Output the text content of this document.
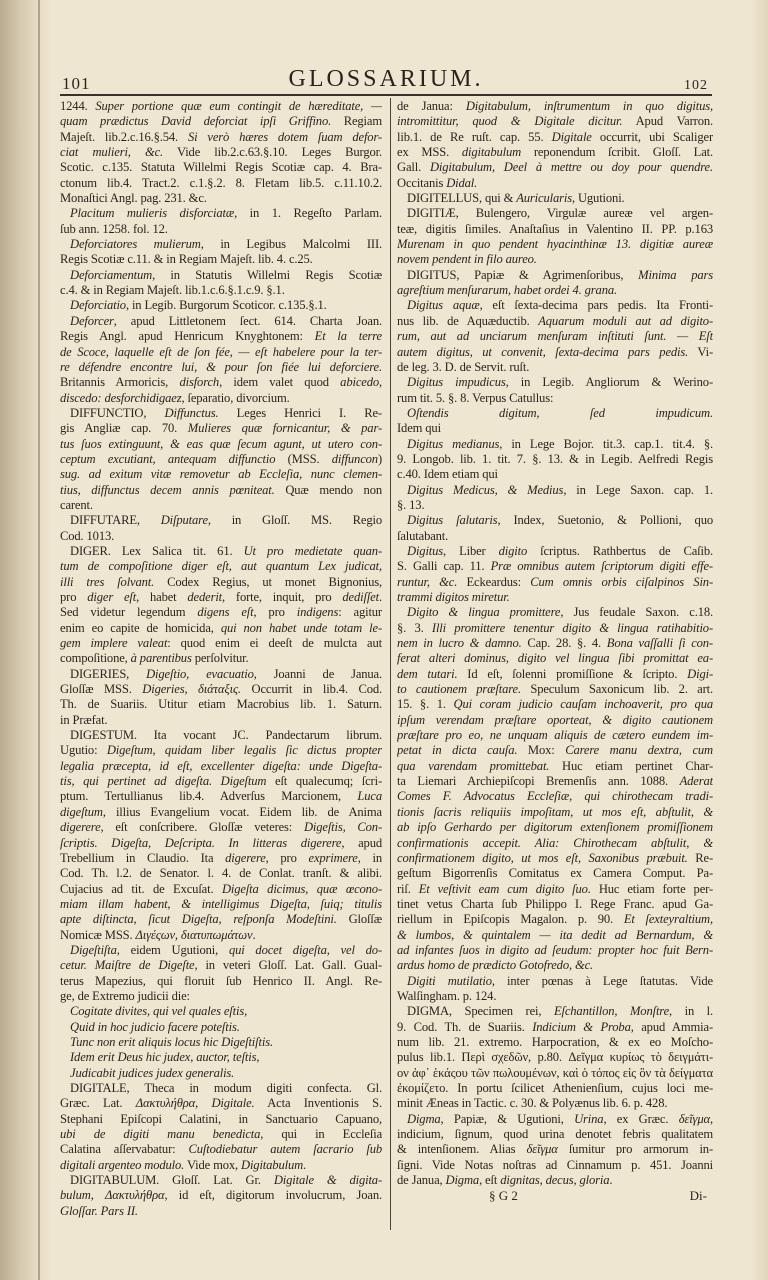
101	GLOSSARIUM.	102
1244. Super portione quæ eum contingit de hæreditate, —
quam prædictus David deforciat ipſi Griffino. Regiam
Majeſt. lib.2.c.16.§.54. Si verò hæres dotem ſuam defor-
ciat mulieri, &c. Vide lib.2.c.63.§.10. Leges Burgor.
Scotic. c.135. Statuta Willelmi Regis Scotiæ cap. 4. Bra-
ctonum lib.4. Tract.2. c.1.§.2. 8. Fletam lib.5. c.11.10.2.
Monaſtici Angl. pag. 231. &c.
Placitum mulieris disforciatæ, in 1. Regeſto Parlam.
ſub ann. 1258. fol. 12.
Deforciatores mulierum, in Legibus Malcolmi III.
Regis Scotiæ c.11. & in Regiam Majeſt. lib. 4. c.25.
Deforciamentum, in Statutis Willelmi Regis Scotiæ
c.4. & in Regiam Majeſt. lib.1.c.6.§.1.c.9. §.1.
Deforciatio, in Legib. Burgorum Scoticor. c.135.§.1.
Deforcer, apud Littletonem ſect. 614. Charta Joan.
Regis Angl. apud Henricum Knyghtonem: Et la terre
de Scoce, laquelle eſt de ſon fée, — eſt habelere pour la ter-
re défendre encontre lui, & pour ſon fiée lui deforciere.
Britannis Armoricis, disforch, idem valet quod abicedo,
discedo: desforchidigaez, ſeparatio, divorcium.
DIFFUNCTIO, Diffunctus. Leges Henrici I. Re-
gis Angliæ cap. 70. Mulieres quæ fornicantur, & par-
tus ſuos extinguunt, & eas quæ ſecum agunt, ut utero con-
ceptum excutiant, antequam diffunctio (MSS. diffuncon)
sug. ad exitum vitæ removetur ab Eccleſia, nunc clemen-
tius, diffunctus decem annis pœniteat. Quæ mendo non
carent.
DIFFUTARE, Diſputare, in Gloſſ. MS. Regio
Cod. 1013.
DIGER. Lex Salica tit. 61. Ut pro medietate quan-
tum de compoſitione diger eſt, aut quantum Lex judicat,
illi tres ſolvant. Codex Regius, ut monet Bignonius,
pro diger eſt, habet dederit, forte, inquit, pro dediſſet.
Sed videtur legendum digens eſt, pro indigens: agitur
enim eo capite de homicida, qui non habet unde totam le-
gem implere valeat: quod enim ei deeſt de mulcta aut
compoſitione, à parentibus perſolvitur.
DIGERIES, Digeſtio, evacuatio, Joanni de Janua.
Gloſſæ MSS. Digeries, διάταξις. Occurrit in lib.4. Cod.
Th. de Suariis. Utitur etiam Macrobius lib. 1. Saturn.
in Præfat.
DIGESTUM. Ita vocant JC. Pandectarum librum.
Ugutio: Digeſtum, quidam liber legalis ſic dictus propter
legalia præcepta, id eſt, excellenter digeſta: unde Digeſta-
tis, qui pertinet ad digeſta. Digeſtum eſt qualecumq; ſcri-
ptum. Tertullianus lib.4. Adverſus Marcionem, Luca
digeſtum, illius Evangelium vocat. Eidem lib. de Anima
digerere, eſt conſcribere. Gloſſæ veteres: Digeſtis, Con-
ſcriptis. Digeſta, Deſcripta. In litteras digerere, apud
Trebellium in Claudio. Ita digerere, pro exprimere, in
Cod. Th. l.2. de Senator. l. 4. de Conlat. tranſt. & alibi.
Cujacius ad tit. de Excuſat. Digeſta dicimus, quæ œcono-
miam illam habent, & intelligimus Digeſta, ſuiq; titulis
apte diſtincta, ſicut Digeſta, reſponſa Modeſtini. Gloſſæ
Nomicæ MSS. Διγέςων, διατυπωμάτων.
Digeſtiſta, eidem Ugutioni, qui docet digeſta, vel do-
cetur. Maiſtre de Digeſte, in veteri Gloſſ. Lat. Gall. Gual-
terus Mapezius, qui floruit ſub Henrico II. Angl. Re-
ge, de Extremo judicii die:
Cogitate divites, qui vel quales eſtis,
Quid in hoc judicio facere poteſtis.
Tunc non erit aliquis locus hic Digeſtiſtis.
Idem erit Deus hic judex, auctor, teſtis,
Judicabit judices judex generalis.
DIGITALE, Theca in modum digiti confecta. Gl.
Græc. Lat. Δακτυλήθρα, Digitale. Acta Inventionis S.
Stephani Epiſcopi Calatini, in Sanctuario Capuano,
ubi de digiti manu benedicta, qui in Eccleſia
Calatina aſſervabatur: Cuſtodiebatur autem ſacrario ſub
digitali argenteo modulo. Vide mox, Digitabulum.
DIGITABULUM. Gloſſ. Lat. Gr. Digitale & digita-
bulum, Δακτυλήθρα, id eſt, digitorum involucrum, Joan.
Gloſſar. Pars II.
de Janua: Digitabulum, inſtrumentum in quo digitus,
intromittitur, quod & Digitale dicitur. Apud Varron.
lib.1. de Re ruſt. cap. 55. Digitale occurrit, ubi Scaliger
ex MSS. digitabulum reponendum ſcribit. Gloſſ. Lat.
Gall. Digitabulum, Deel à mettre ou doy pour quendre.
Occitanis Didal.
DIGITELLUS, qui & Auricularis, Ugutioni.
DIGITIÆ, Bulengero, Virgulæ aureæ vel argen-
teæ, digitis ſimiles. Anaſtaſius in Valentino II. PP. p.163
Murenam in quo pendent hyacinthinæ 13. digitiæ aureæ
novem pendent in filo aureo.
DIGITUS, Papiæ & Agrimenſoribus, Minima pars
agreſtium menſurarum, habet ordei 4. grana.
Digitus aquæ, eſt ſexta-decima pars pedis. Ita Fronti-
nus lib. de Aquæductib. Aquarum moduli aut ad digito-
rum, aut ad unciarum menſuram inſtituti ſunt. — Eſt
autem digitus, ut convenit, ſexta-decima pars pedis. Vi-
de leg. 3. D. de Servit. ruſt.
Digitus impudicus, in Legib. Angliorum & Werino-
rum tit. 5. §. 8. Verpus Catullus:
Oſtendis digitum, ſed impudicum.
Idem qui
Digitus medianus, in Lege Bojor. tit.3. cap.1. tit.4. §.
9. Longob. lib. 1. tit. 7. §. 13. & in Legib. Aelfredi Regis
c.40. Idem etiam qui
Digitus Medicus, & Medius, in Lege Saxon. cap. 1.
§. 13.
Digitus ſalutaris, Index, Suetonio, & Pollioni, quo
ſalutabant.
Digitus, Liber digito ſcriptus. Rathbertus de Caſib.
S. Galli cap. 11. Præ omnibus autem ſcriptorum digiti effe-
runtur, &c. Eckeardus: Cum omnis orbis ciſalpinos Sin-
trammi digitos miretur.
Digito & lingua promittere, Jus feudale Saxon. c.18.
§. 3. Illi promittere tenentur digito & lingua ratihabitio-
nem in lucro & damno. Cap. 28. §. 4. Bona vaſſalli ſi con-
ferat alteri dominus, digito vel lingua ſibi promittat ea-
dem tutari. Id eſt, ſolenni promiſſione & ſcripto. Digi-
to cautionem præſtare. Speculum Saxonicum lib. 2. art.
15. §. 1. Qui coram judicio cauſam inchoaverit, pro qua
ipſum verendam præſtare oporteat, & digito cautionem
præſtare pro eo, ne unquam aliquis de cætero eundem im-
petat in dicta cauſa. Mox: Carere manu dextra, cum
qua varendam promittebat. Huc etiam pertinet Char-
ta Liemari Archiepiſcopi Bremenſis ann. 1088. Aderat
Comes F. Advocatus Eccleſiæ, qui chirothecam tradi-
tionis ſacris reliquiis impoſitam, ut mos eſt, abſtulit, &
ab ipſo Gerhardo per digitorum extenſionem promiſſionem
confirmationis accepit. Alia: Chirothecam abſtulit, &
confirmationem digito, ut mos eſt, Saxonibus præbuit. Re-
geſtum Bigorrenſis Comitatus ex Camera Comput. Pa-
riſ. Et veſtivit eam cum digito ſuo. Huc etiam forte per-
tinet vetus Charta ſub Philippo I. Rege Franc. apud Ga-
riellum in Epiſcopis Magalon. p. 90. Et ſexteyraltium,
& lumbos, & quintalem — ita dedit ad Bernardum, &
ad infantes ſuos in digito ad ſeudum: propter hoc fuit Bern-
ardus homo de prædicto Gotofredo, &c.
Digiti mutilatio, inter pœnas à Lege ſtatutas. Vide
Walſingham. p. 124.
DIGMA, Specimen rei, Eſchantillon, Monſtre, in l.
9. Cod. Th. de Suariis. Indicium & Proba, apud Ammia-
num lib. 21. extremo. Harpocration, & ex eo Moſcho-
pulus lib.1. Περὶ σχεδῶν, p.80. Δεῖγμα κυρίως τὸ δειγμάτι-
ον ἀφ᾽ ἑκάςου τῶν πωλουμένων, καὶ ὁ τόπος εἰς ὃν τὰ δείγματα
ἐκομίζετο. In portu ſcilicet Athenienſium, cujus loci me-
minit Æneas in Tactic. c. 30. & Polyænus lib. 6. p. 428.
Digma, Papiæ, & Ugutioni, Urina, ex Græc. δεῖγμα,
indicium, ſignum, quod urina denotet febris qualitatem
& intenſionem. Alias δεῖγμα ſumitur pro armorum in-
ſigni. Vide Notas noſtras ad Cinnamum p. 451. Joanni
de Janua, Digma, eſt dignitas, decus, gloria.
§ G 2	Di-
